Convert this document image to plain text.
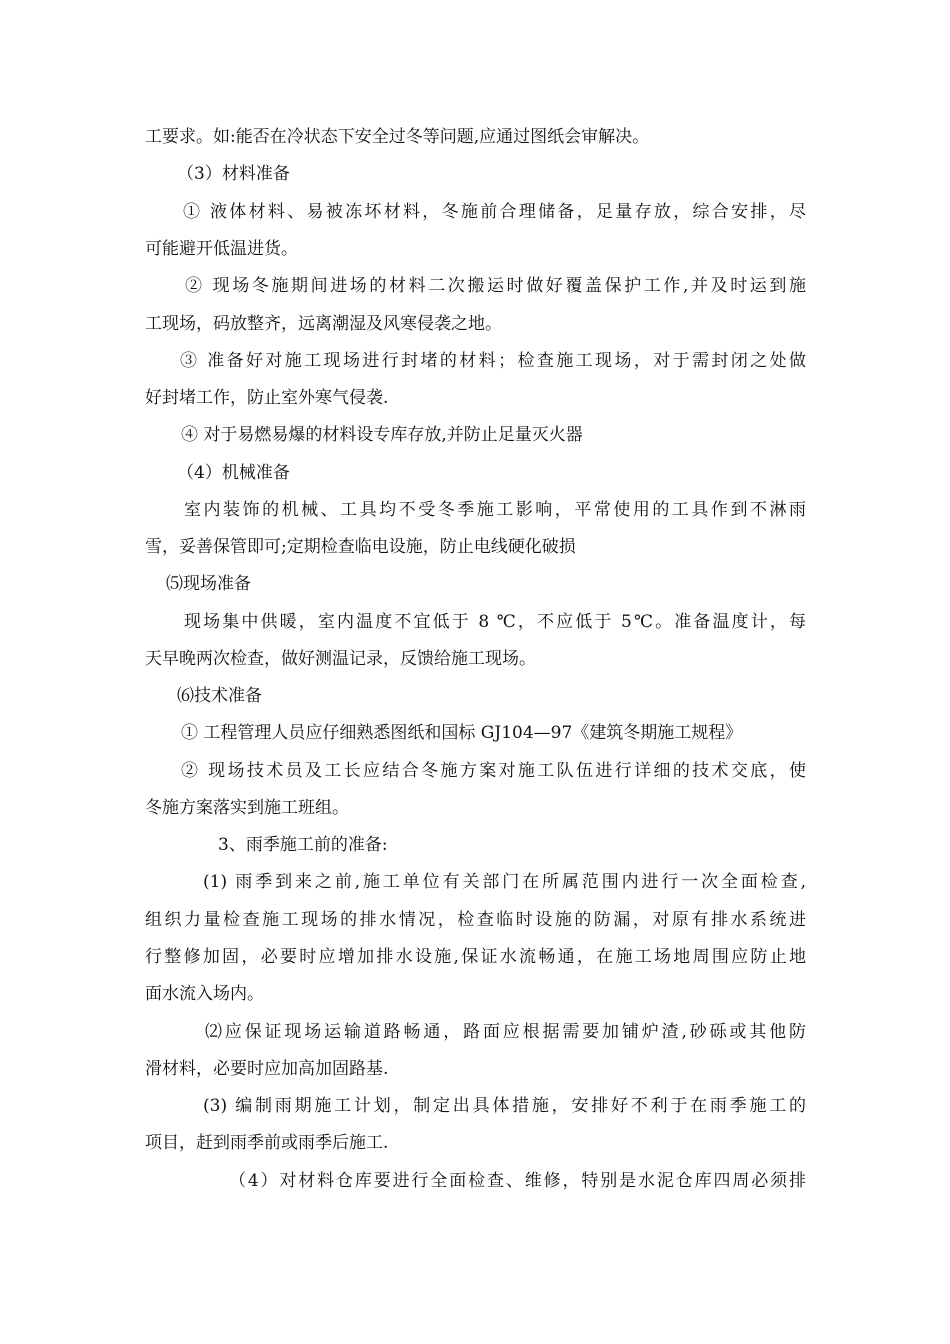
工要求。如:能否在冷状态下安全过冬等问题,应通过图纸会审解决。
（3）材料准备
① 液体材料、易被冻坏材料，冬施前合理储备，足量存放，综合安排，尽
可能避开低温进货。
② 现场冬施期间进场的材料二次搬运时做好覆盖保护工作,并及时运到施
工现场，码放整齐，远离潮湿及风寒侵袭之地。
③ 准备好对施工现场进行封堵的材料；检查施工现场，对于需封闭之处做
好封堵工作，防止室外寒气侵袭.
④ 对于易燃易爆的材料设专库存放,并防止足量灭火器
（4）机械准备
室内装饰的机械、工具均不受冬季施工影响，平常使用的工具作到不淋雨
雪，妥善保管即可;定期检查临电设施，防止电线硬化破损
⑸现场准备
现场集中供暖，室内温度不宜低于 8 ℃，不应低于 5℃。准备温度计，每
天早晚两次检查，做好测温记录，反馈给施工现场。
⑹技术准备
① 工程管理人员应仔细熟悉图纸和国标 GJ104—97《建筑冬期施工规程》
② 现场技术员及工长应结合冬施方案对施工队伍进行详细的技术交底，使
冬施方案落实到施工班组。
3、雨季施工前的准备:
(1) 雨季到来之前,施工单位有关部门在所属范围内进行一次全面检查,
组织力量检查施工现场的排水情况，检查临时设施的防漏，对原有排水系统进
行整修加固，必要时应增加排水设施,保证水流畅通，在施工场地周围应防止地
面水流入场内。
⑵应保证现场运输道路畅通，路面应根据需要加铺炉渣,砂砾或其他防
滑材料，必要时应加高加固路基.
(3) 编制雨期施工计划，制定出具体措施，安排好不利于在雨季施工的
项目，赶到雨季前或雨季后施工.
（4）对材料仓库要进行全面检查、维修，特别是水泥仓库四周必须排
